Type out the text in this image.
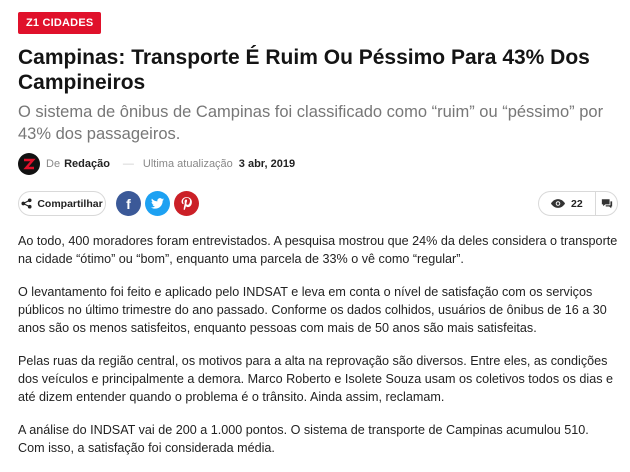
Z1 CIDADES
Campinas: Transporte É Ruim Ou Péssimo Para 43% Dos Campineiros

O sistema de ônibus de Campinas foi classificado como “ruim” ou “péssimo” por 43% dos passageiros.

De Redação — Ultima atualização 3 abr, 2019
Compartilhar f	22

Ao todo, 400 moradores foram entrevistados. A pesquisa mostrou que 24% da deles considera o transporte na cidade “ótimo” ou “bom”, enquanto uma parcela de 33% o vê como “regular”.

O levantamento foi feito e aplicado pelo INDSAT e leva em conta o nível de satisfação com os serviços públicos no último trimestre do ano passado. Conforme os dados colhidos, usuários de ônibus de 16 a 30 anos são os menos satisfeitos, enquanto pessoas com mais de 50 anos são mais satisfeitas.

Pelas ruas da região central, os motivos para a alta na reprovação são diversos. Entre eles, as condições dos veículos e principalmente a demora. Marco Roberto e Isolete Souza usam os coletivos todos os dias e até dizem entender quando o problema é o trânsito. Ainda assim, reclamam.

A análise do INDSAT vai de 200 a 1.000 pontos. O sistema de transporte de Campinas acumulou 510. Com isso, a satisfação foi considerada média.
